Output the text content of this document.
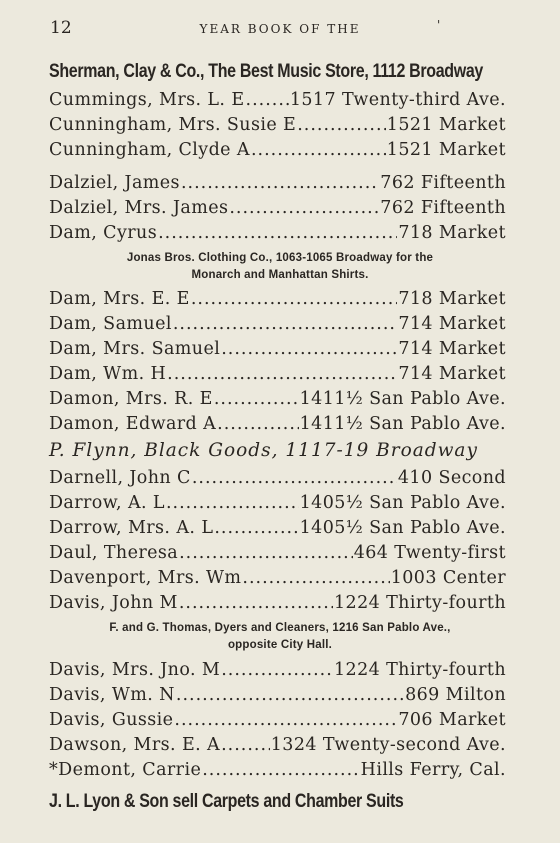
12	YEAR BOOK OF THE	'
Sherman, Clay & Co., The Best Music Store, 1112 Broadway
Cummings, Mrs. L. E .....	1517 Twenty-third Ave.
Cunningham, Mrs. Susie E .....	1521 Market
Cunningham, Clyde A .....	1521 Market
Dalziel, James .....	762 Fifteenth
Dalziel, Mrs. James .....	762 Fifteenth
Dam, Cyrus .....	718 Market
Jonas Bros. Clothing Co., 1063-1065 Broadway for the
Monarch and Manhattan Shirts.
Dam, Mrs. E. E .....	718 Market
Dam, Samuel .....	714 Market
Dam, Mrs. Samuel .....	714 Market
Dam, Wm. H .....	714 Market
Damon, Mrs. R. E .....	1411½ San Pablo Ave.
Damon, Edward A .....	1411½ San Pablo Ave.
P. Flynn, Black Goods, 1117-19 Broadway
Darnell, John C .....	410 Second
Darrow, A. L .....	1405½ San Pablo Ave.
Darrow, Mrs. A. L .....	1405½ San Pablo Ave.
Daul, Theresa .....	464 Twenty-first
Davenport, Mrs. Wm .....	1003 Center
Davis, John M .....	1224 Thirty-fourth
F. and G. Thomas, Dyers and Cleaners, 1216 San Pablo Ave.,
opposite City Hall.
Davis, Mrs. Jno. M .....	1224 Thirty-fourth
Davis, Wm. N .....	869 Milton
Davis, Gussie .....	706 Market
Dawson, Mrs. E. A .....	1324 Twenty-second Ave.
*Demont, Carrie .....	Hills Ferry, Cal.
J. L. Lyon & Son sell Carpets and Chamber Suits
